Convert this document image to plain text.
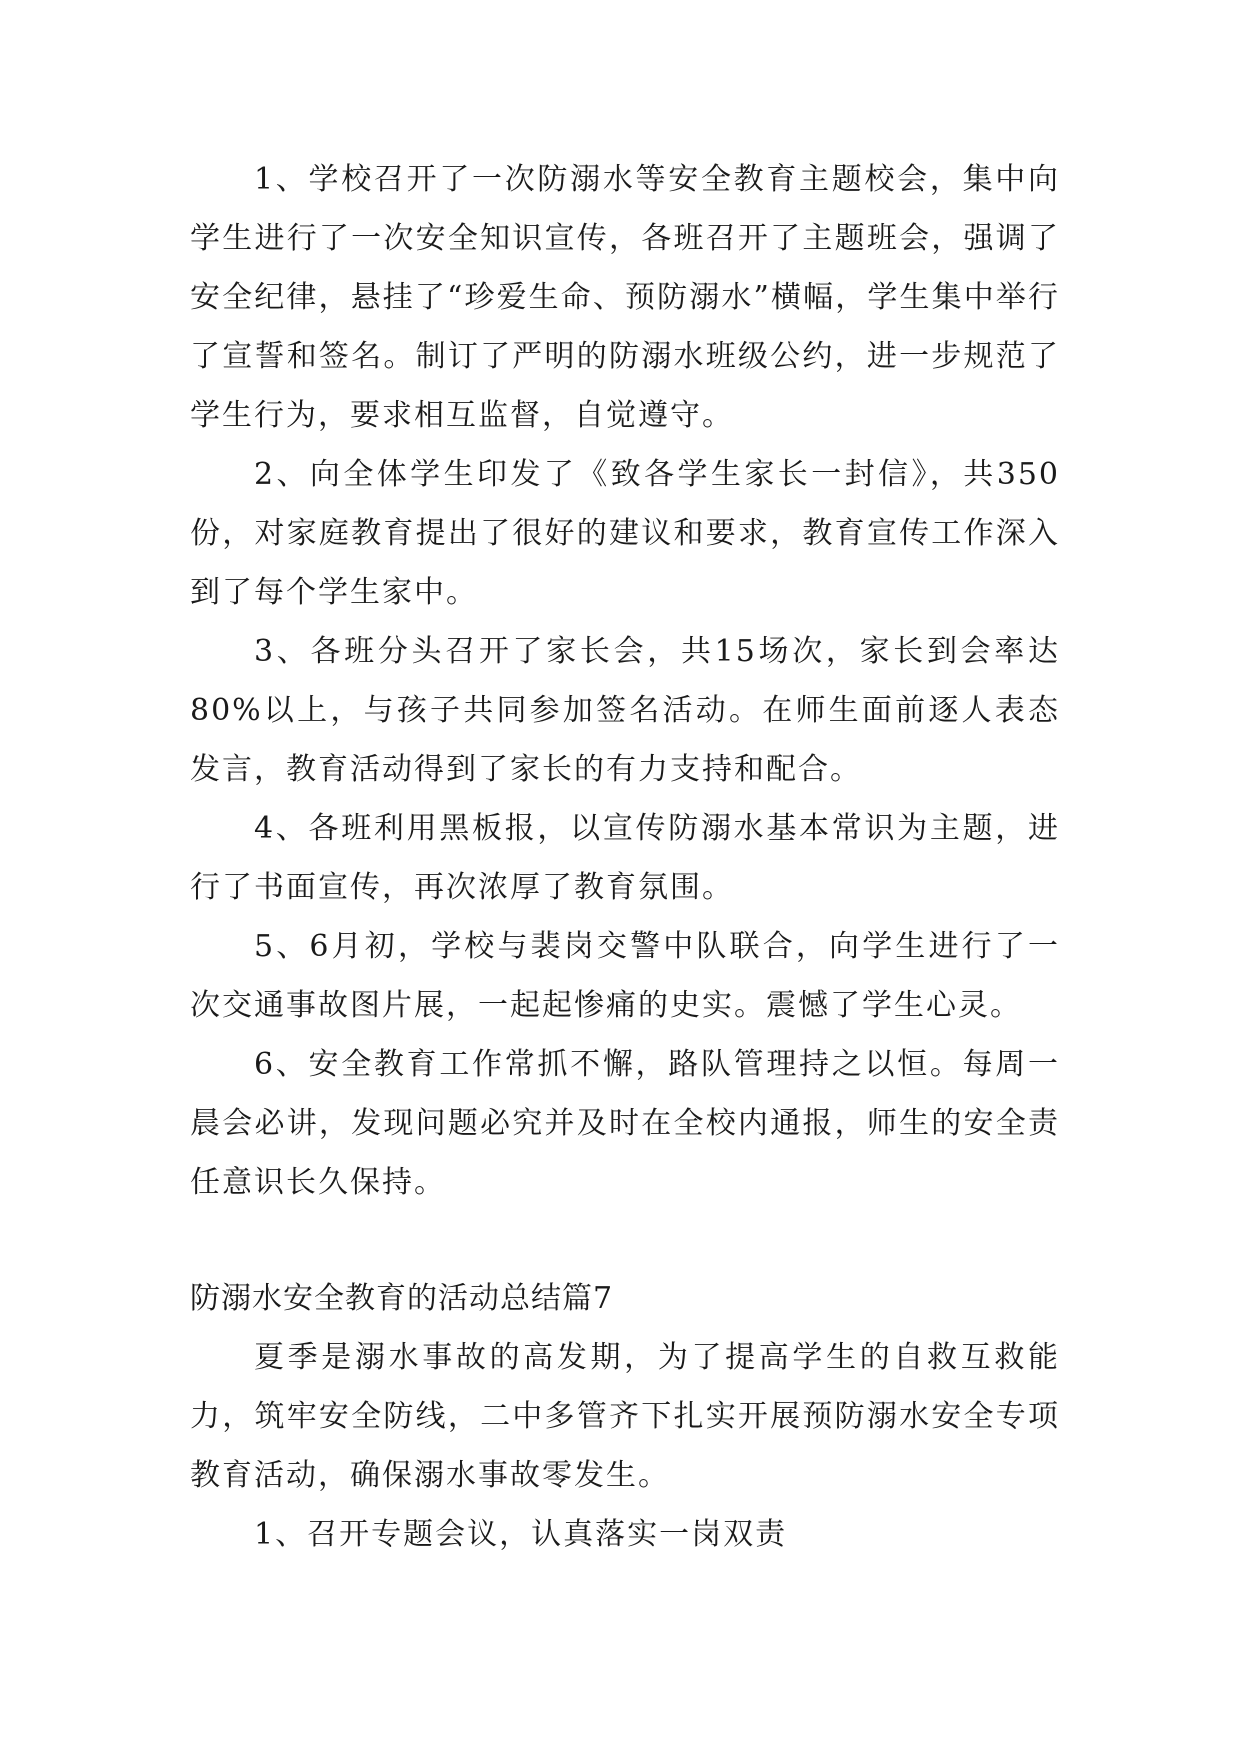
1、学校召开了一次防溺水等安全教育主题校会，集中向学生进行了一次安全知识宣传，各班召开了主题班会，强调了安全纪律，悬挂了“珍爱生命、预防溺水”横幅，学生集中举行了宣誓和签名。制订了严明的防溺水班级公约，进一步规范了学生行为，要求相互监督，自觉遵守。

2、向全体学生印发了《致各学生家长一封信》，共350份，对家庭教育提出了很好的建议和要求，教育宣传工作深入到了每个学生家中。

3、各班分头召开了家长会，共15场次，家长到会率达80%以上，与孩子共同参加签名活动。在师生面前逐人表态发言，教育活动得到了家长的有力支持和配合。

4、各班利用黑板报，以宣传防溺水基本常识为主题，进行了书面宣传，再次浓厚了教育氛围。

5、6月初，学校与裴岗交警中队联合，向学生进行了一次交通事故图片展，一起起惨痛的史实。震憾了学生心灵。

6、安全教育工作常抓不懈，路队管理持之以恒。每周一晨会必讲，发现问题必究并及时在全校内通报，师生的安全责任意识长久保持。

防溺水安全教育的活动总结篇7

夏季是溺水事故的高发期，为了提高学生的自救互救能力，筑牢安全防线，二中多管齐下扎实开展预防溺水安全专项教育活动，确保溺水事故零发生。

1、召开专题会议，认真落实一岗双责
